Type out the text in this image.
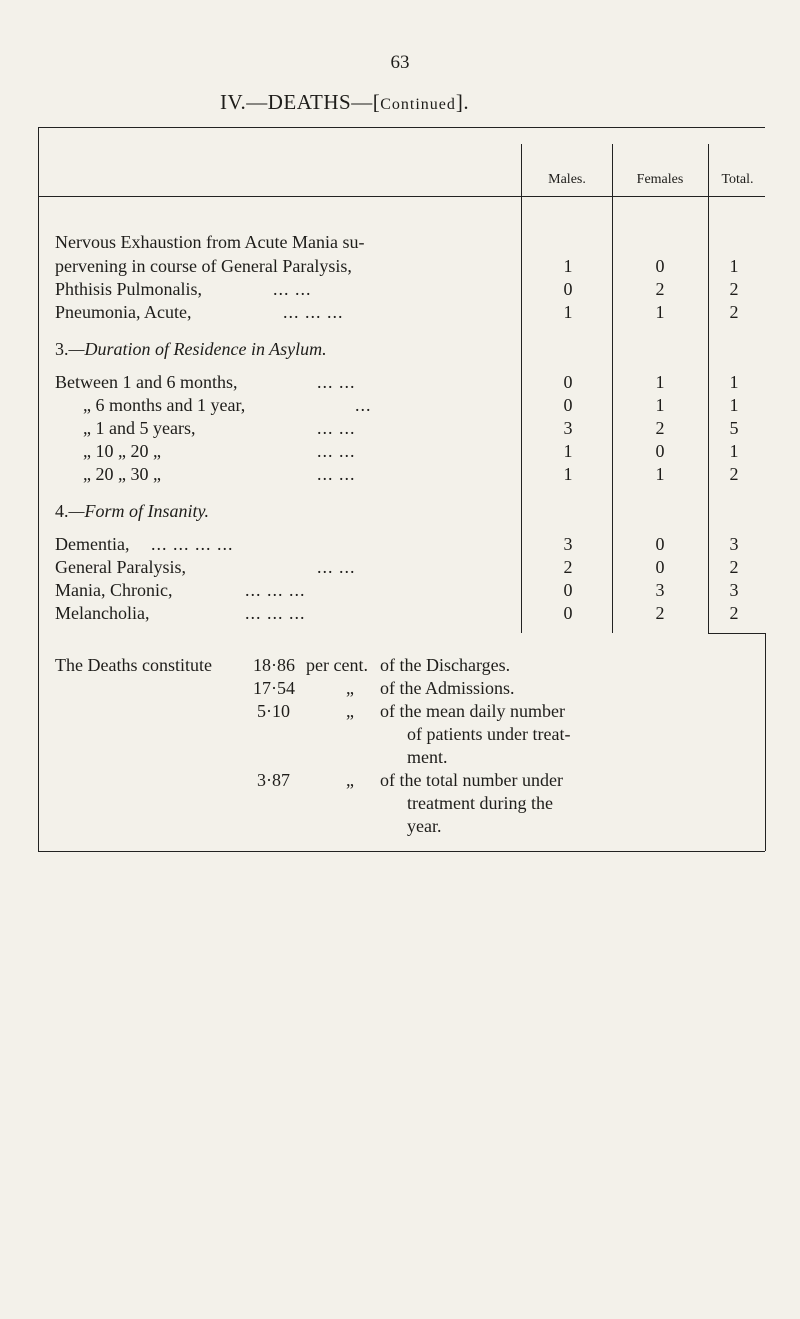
63
IV.—DEATHS—[Continued].
Males.	Females	Total.
Nervous Exhaustion from Acute Mania su-
pervening in course of General Paralysis,	1	0	1
Phthisis Pulmonalis,	... ...	0	2	2
Pneumonia, Acute,	... ... ...	1	1	2
3.—Duration of Residence in Asylum.
Between 1 and 6 months,	... ...	0	1	1
„ 6 months and 1 year,	...	0	1	1
„ 1 and 5 years,	... ...	3	2	5
„ 10 „ 20 „	... ...	1	0	1
„ 20 „ 30 „	... ...	1	1	2
4.—Form of Insanity.
Dementia, ... ... ... ...	3	0	3
General Paralysis,	... ...	2	0	2
Mania, Chronic,	... ... ...	0	3	3
Melancholia,	... ... ...	0	2	2
The Deaths constitute 18·86 per cent. of the Discharges.
17·54	„ of the Admissions.
5·10	„ of the mean daily number
of patients under treat-
ment.
3·87	„ of the total number under
treatment during the
year.
